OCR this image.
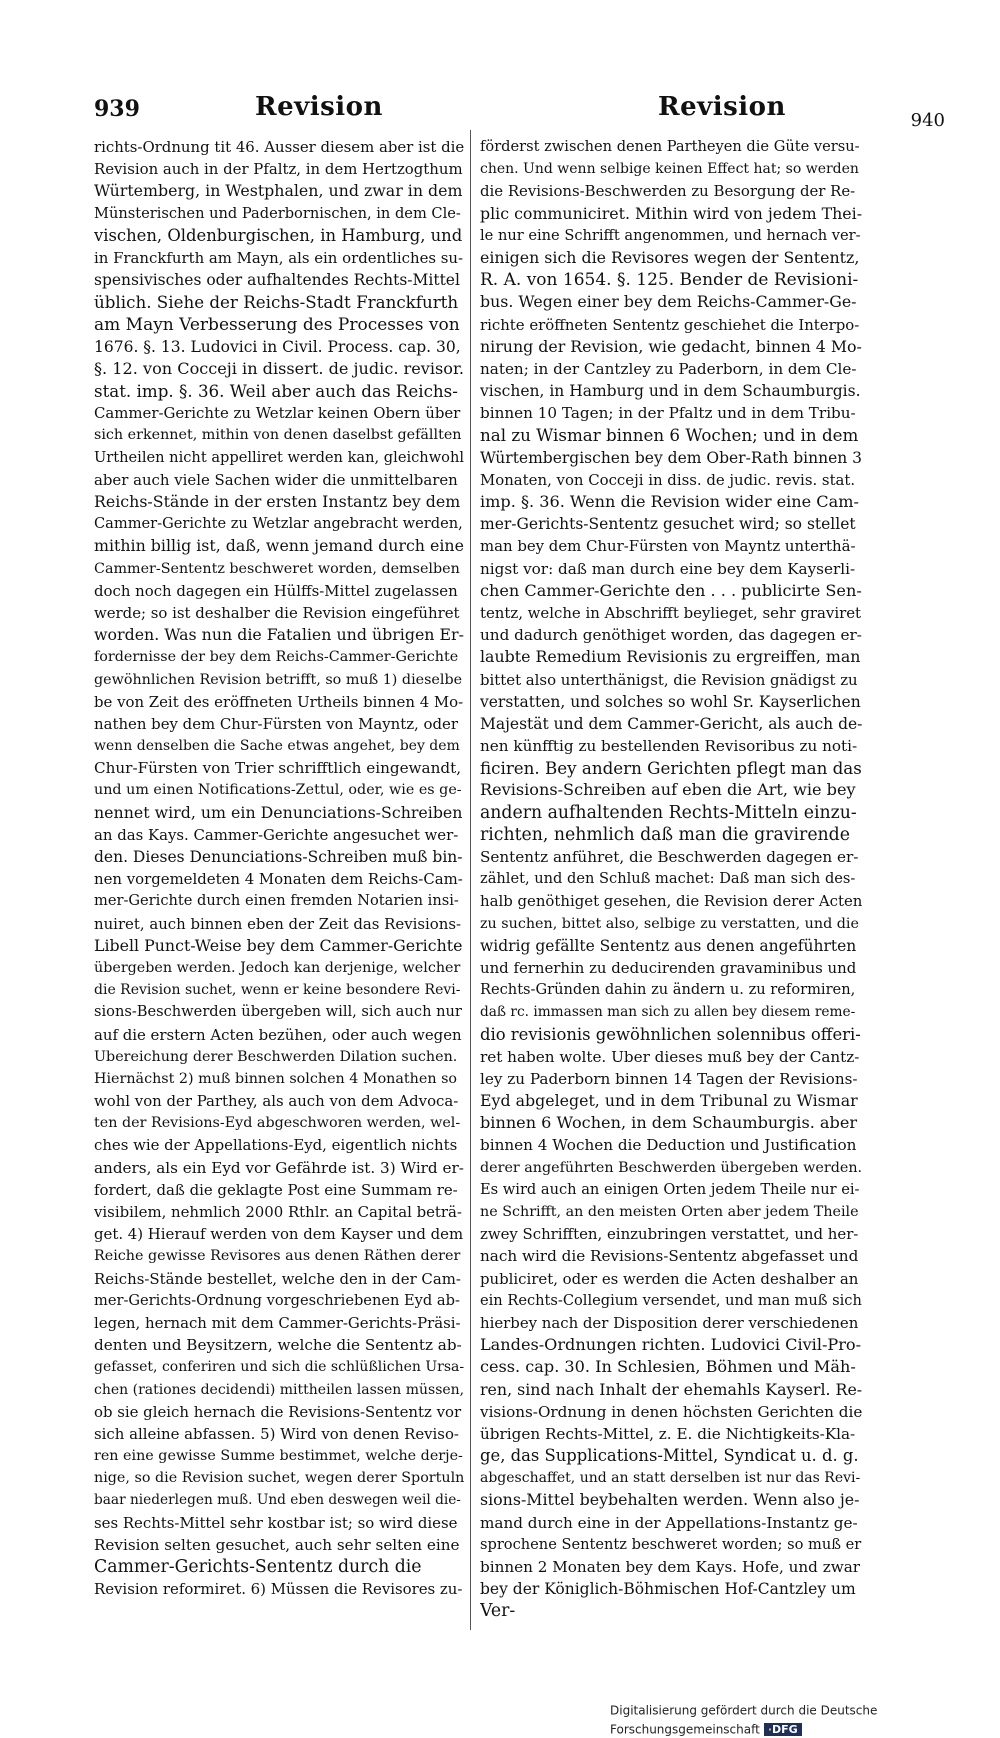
939	Revision	Revision	940
richts-Ordnung tit 46. Ausser diesem aber ist die
Revision auch in der Pfaltz, in dem Hertzogthum
Würtemberg, in Westphalen, und zwar in dem
Münsterischen und Paderbornischen, in dem Cle-
vischen, Oldenburgischen, in Hamburg, und
in Franckfurth am Mayn, als ein ordentliches su-
spensivisches oder aufhaltendes Rechts-Mittel
üblich. Siehe der Reichs-Stadt Franckfurth
am Mayn Verbesserung des Processes von
1676. §. 13. Ludovici in Civil. Process. cap. 30,
§. 12. von Cocceji in dissert. de judic. revisor.
stat. imp. §. 36. Weil aber auch das Reichs-
Cammer-Gerichte zu Wetzlar keinen Obern über
sich erkennet, mithin von denen daselbst gefällten
Urtheilen nicht appelliret werden kan, gleichwohl
aber auch viele Sachen wider die unmittelbaren
Reichs-Stände in der ersten Instantz bey dem
Cammer-Gerichte zu Wetzlar angebracht werden,
mithin billig ist, daß, wenn jemand durch eine
Cammer-Sententz beschweret worden, demselben
doch noch dagegen ein Hülffs-Mittel zugelassen
werde; so ist deshalber die Revision eingeführet
worden. Was nun die Fatalien und übrigen Er-
fordernisse der bey dem Reichs-Cammer-Gerichte
gewöhnlichen Revision betrifft, so muß 1) dieselbe
be von Zeit des eröffneten Urtheils binnen 4 Mo-
nathen bey dem Chur-Fürsten von Mayntz, oder
wenn denselben die Sache etwas angehet, bey dem
Chur-Fürsten von Trier schrifftlich eingewandt,
und um einen Notifications-Zettul, oder, wie es ge-
nennet wird, um ein Denunciations-Schreiben
an das Kays. Cammer-Gerichte angesuchet wer-
den. Dieses Denunciations-Schreiben muß bin-
nen vorgemeldeten 4 Monaten dem Reichs-Cam-
mer-Gerichte durch einen fremden Notarien insi-
nuiret, auch binnen eben der Zeit das Revisions-
Libell Punct-Weise bey dem Cammer-Gerichte
übergeben werden. Jedoch kan derjenige, welcher
die Revision suchet, wenn er keine besondere Revi-
sions-Beschwerden übergeben will, sich auch nur
auf die erstern Acten bezühen, oder auch wegen
Ubereichung derer Beschwerden Dilation suchen.
Hiernächst 2) muß binnen solchen 4 Monathen so
wohl von der Parthey, als auch von dem Advoca-
ten der Revisions-Eyd abgeschworen werden, wel-
ches wie der Appellations-Eyd, eigentlich nichts
anders, als ein Eyd vor Gefährde ist. 3) Wird er-
fordert, daß die geklagte Post eine Summam re-
visibilem, nehmlich 2000 Rthlr. an Capital beträ-
get. 4) Hierauf werden von dem Kayser und dem
Reiche gewisse Revisores aus denen Räthen derer
Reichs-Stände bestellet, welche den in der Cam-
mer-Gerichts-Ordnung vorgeschriebenen Eyd ab-
legen, hernach mit dem Cammer-Gerichts-Präsi-
denten und Beysitzern, welche die Sententz ab-
gefasset, conferiren und sich die schlüßlichen Ursa-
chen (rationes decidendi) mittheilen lassen müssen,
ob sie gleich hernach die Revisions-Sententz vor
sich alleine abfassen. 5) Wird von denen Reviso-
ren eine gewisse Summe bestimmet, welche derje-
nige, so die Revision suchet, wegen derer Sportuln
baar niederlegen muß. Und eben deswegen weil die-
ses Rechts-Mittel sehr kostbar ist; so wird diese
Revision selten gesuchet, auch sehr selten eine
Cammer-Gerichts-Sententz durch die
Revision reformiret. 6) Müssen die Revisores zu-
förderst zwischen denen Partheyen die Güte versu-
chen. Und wenn selbige keinen Effect hat; so werden
die Revisions-Beschwerden zu Besorgung der Re-
plic communiciret. Mithin wird von jedem Thei-
le nur eine Schrifft angenommen, und hernach ver-
einigen sich die Revisores wegen der Sententz,
R. A. von 1654. §. 125. Bender de Revisioni-
bus. Wegen einer bey dem Reichs-Cammer-Ge-
richte eröffneten Sententz geschiehet die Interpo-
nirung der Revision, wie gedacht, binnen 4 Mo-
naten; in der Cantzley zu Paderborn, in dem Cle-
vischen, in Hamburg und in dem Schaumburgis.
binnen 10 Tagen; in der Pfaltz und in dem Tribu-
nal zu Wismar binnen 6 Wochen; und in dem
Würtembergischen bey dem Ober-Rath binnen 3
Monaten, von Cocceji in diss. de judic. revis. stat.
imp. §. 36. Wenn die Revision wider eine Cam-
mer-Gerichts-Sententz gesuchet wird; so stellet
man bey dem Chur-Fürsten von Mayntz unterthä-
nigst vor: daß man durch eine bey dem Kayserli-
chen Cammer-Gerichte den . . . publicirte Sen-
tentz, welche in Abschrifft beylieget, sehr graviret
und dadurch genöthiget worden, das dagegen er-
laubte Remedium Revisionis zu ergreiffen, man
bittet also unterthänigst, die Revision gnädigst zu
verstatten, und solches so wohl Sr. Kayserlichen
Majestät und dem Cammer-Gericht, als auch de-
nen künfftig zu bestellenden Revisoribus zu noti-
ficiren. Bey andern Gerichten pflegt man das
Revisions-Schreiben auf eben die Art, wie bey
andern aufhaltenden Rechts-Mitteln einzu-
richten, nehmlich daß man die gravirende
Sententz anführet, die Beschwerden dagegen er-
zählet, und den Schluß machet: Daß man sich des-
halb genöthiget gesehen, die Revision derer Acten
zu suchen, bittet also, selbige zu verstatten, und die
widrig gefällte Sententz aus denen angeführten
und fernerhin zu deducirenden gravaminibus und
Rechts-Gründen dahin zu ändern u. zu reformiren,
daß rc. immassen man sich zu allen bey diesem reme-
dio revisionis gewöhnlichen solennibus offeri-
ret haben wolte. Uber dieses muß bey der Cantz-
ley zu Paderborn binnen 14 Tagen der Revisions-
Eyd abgeleget, und in dem Tribunal zu Wismar
binnen 6 Wochen, in dem Schaumburgis. aber
binnen 4 Wochen die Deduction und Justification
derer angeführten Beschwerden übergeben werden.
Es wird auch an einigen Orten jedem Theile nur ei-
ne Schrifft, an den meisten Orten aber jedem Theile
zwey Schrifften, einzubringen verstattet, und her-
nach wird die Revisions-Sententz abgefasset und
publiciret, oder es werden die Acten deshalber an
ein Rechts-Collegium versendet, und man muß sich
hierbey nach der Disposition derer verschiedenen
Landes-Ordnungen richten. Ludovici Civil-Pro-
cess. cap. 30. In Schlesien, Böhmen und Mäh-
ren, sind nach Inhalt der ehemahls Kayserl. Re-
visions-Ordnung in denen höchsten Gerichten die
übrigen Rechts-Mittel, z. E. die Nichtigkeits-Kla-
ge, das Supplications-Mittel, Syndicat u. d. g.
abgeschaffet, und an statt derselben ist nur das Revi-
sions-Mittel beybehalten werden. Wenn also je-
mand durch eine in der Appellations-Instantz ge-
sprochene Sententz beschweret worden; so muß er
binnen 2 Monaten bey dem Kays. Hofe, und zwar
bey der Königlich-Böhmischen Hof-Cantzley um
Ver-
Digitalisierung gefördert durch die Deutsche Forschungsgemeinschaft ·DFG
